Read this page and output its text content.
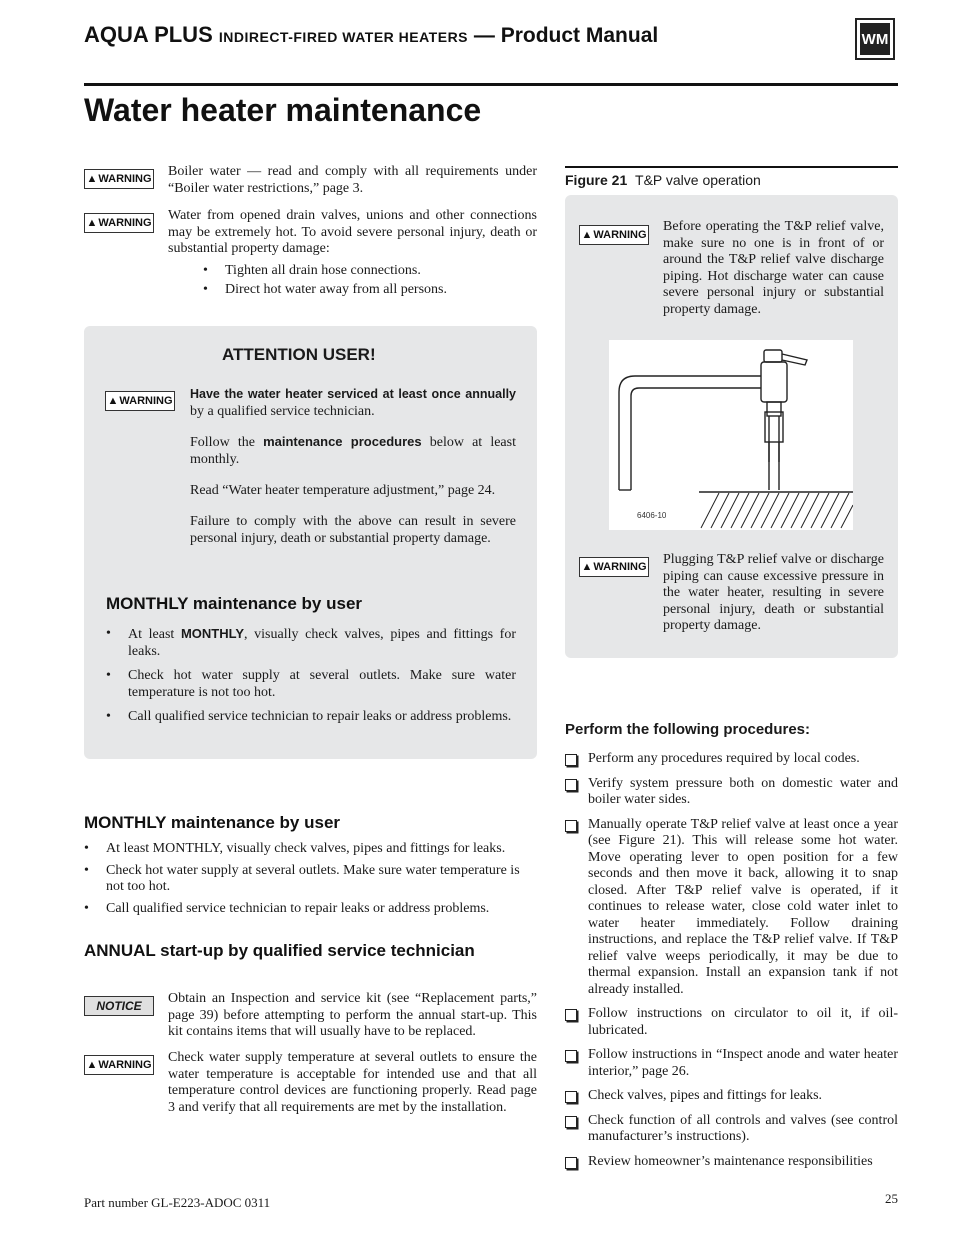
AQUA PLUS INDIRECT-FIRED WATER HEATERS — Product Manual	WM
Water heater maintenance
▲ WARNING Boiler water — read and comply with all requirements under “Boiler water restrictions,” page 3.
▲ WARNING Water from opened drain valves, unions and other connections may be extremely hot. To avoid severe personal injury, death or substantial property damage:
• Tighten all drain hose connections.
• Direct hot water away from all persons.
ATTENTION USER!
▲ WARNING Have the water heater serviced at least once annually by a qualified service technician.
Follow the maintenance procedures below at least monthly.
Read “Water heater temperature adjustment,” page 24.
Failure to comply with the above can result in severe personal injury, death or substantial property damage.
MONTHLY maintenance by user
• At least MONTHLY, visually check valves, pipes and fittings for leaks.
• Check hot water supply at several outlets. Make sure water temperature is not too hot.
• Call qualified service technician to repair leaks or address problems.
MONTHLY maintenance by user
• At least MONTHLY, visually check valves, pipes and fittings for leaks.
• Check hot water supply at several outlets. Make sure water temperature is not too hot.
• Call qualified service technician to repair leaks or address problems.
ANNUAL start-up by qualified service technician
NOTICE	Obtain an Inspection and service kit (see “Replacement parts,” page 39) before attempting to perform the annual start-up. This kit contains items that will usually have to be replaced.
▲ WARNING Check water supply temperature at several outlets to ensure the water temperature is acceptable for intended use and that all temperature control devices are functioning properly. Read page 3 and verify that all requirements are met by the installation.
Figure 21 T&P valve operation
▲ WARNING
Before operating the T&P relief valve, make sure no one is in front of or around the T&P relief valve discharge piping. Hot discharge water can cause severe personal injury or substantial property damage.
6406-10
▲ WARNING Plugging T&P relief valve or discharge piping can cause excessive pressure in the water heater, resulting in severe personal injury, death or substantial property damage.
Perform the following procedures:
Perform any procedures required by local codes.
Verify system pressure both on domestic water and boiler water sides.
Manually operate T&P relief valve at least once a year (see Figure 21). This will release some hot water. Move operating lever to open position for a few seconds and then move it back, allowing it to snap closed. After T&P relief valve is operated, if it continues to release water, close cold water inlet to water heater immediately. Follow draining instructions, and replace the T&P relief valve. If T&P relief valve weeps periodically, it may be due to thermal expansion. Install an expansion tank if not already installed.
Follow instructions on circulator to oil it, if oil-lubricated.
Follow instructions in “Inspect anode and water heater interior,” page 26.
Check valves, pipes and fittings for leaks.
Check function of all controls and valves (see control manufacturer’s instructions).
Review homeowner’s maintenance responsibilities
Part number GL-E223-ADOC 0311	25
